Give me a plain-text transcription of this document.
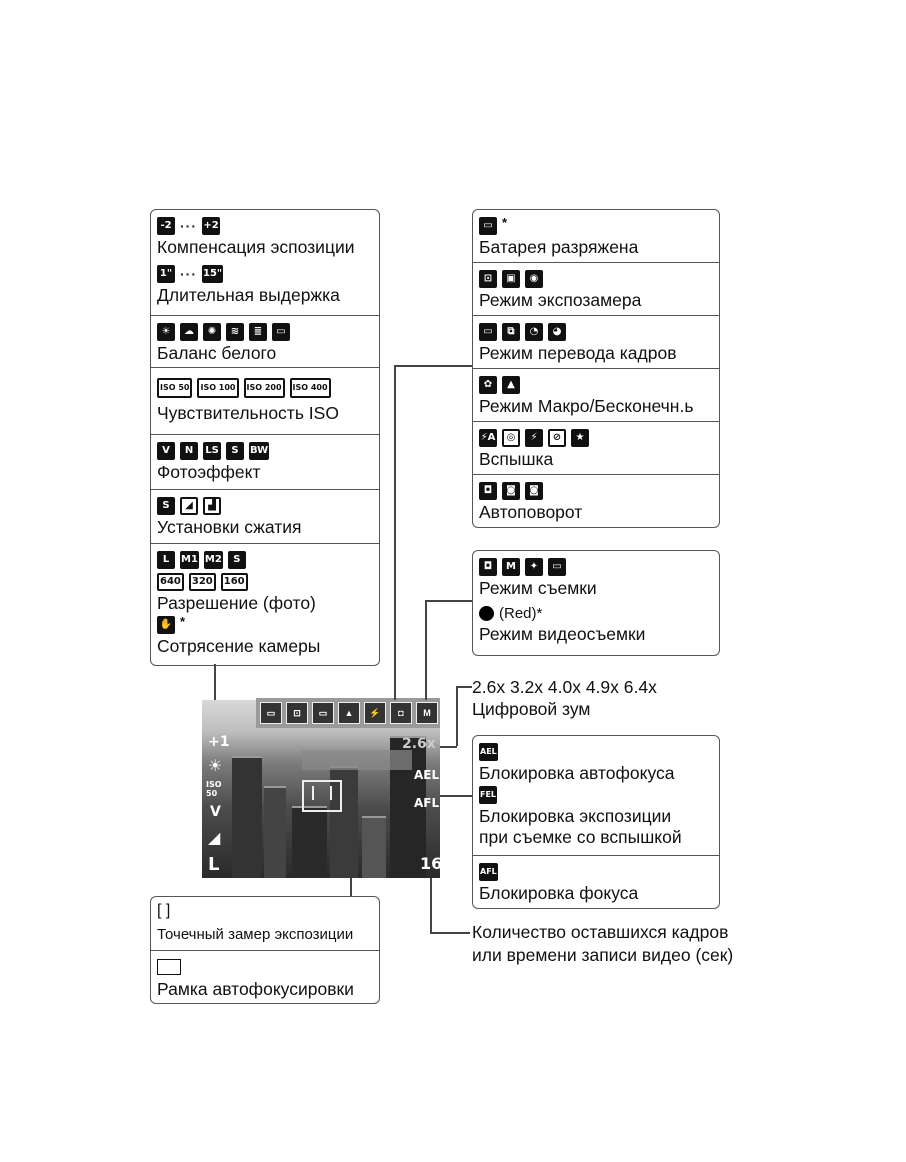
-2 ··· +2
Компенсация эспозиции
1" ··· 15"
Длительная выдержка
☀	☁	✺	≋	≣	▭
Баланс белого
ISO 50	ISO 100	ISO 200	ISO 400
Чувствительность ISO
V	N	LS	S	BW
Фотоэффект
S	◢	▟
Установки сжатия
L	M1 M2	S
640	320	160
Разрешение (фото)
✋ *
Сотрясение камеры
▭ *
Батарея разряжена
⊡	▣	◉
Режим экспозамера
▭	⧉	◔	◕
Режим перевода кадров
✿	▲
Режим Макро/Бесконечн.ь
⚡A	◎	⚡	⊘	★
Вспышка
◘	◙	◙
Автоповорот
◘	M	✦	▭
Режим съемки
(Red)*
Режим видеосъемки
2.6x 3.2x 4.0x 4.9x 6.4x
Цифровой зум
AEL
Блокировка автофокуса
FEL
Блокировка экспозиции
при съемке со вспышкой
AFL
Блокировка фокуса
[ ]
Точечный замер экспозиции
Рамка автофокусировки
Количество оставшихся кадров
или времени записи видео (сек)
+1
☀
ISO 50
V
◢
L
2.6x
AEL
AFL
16
▭	⊡	▭	▲	⚡	◘	M
